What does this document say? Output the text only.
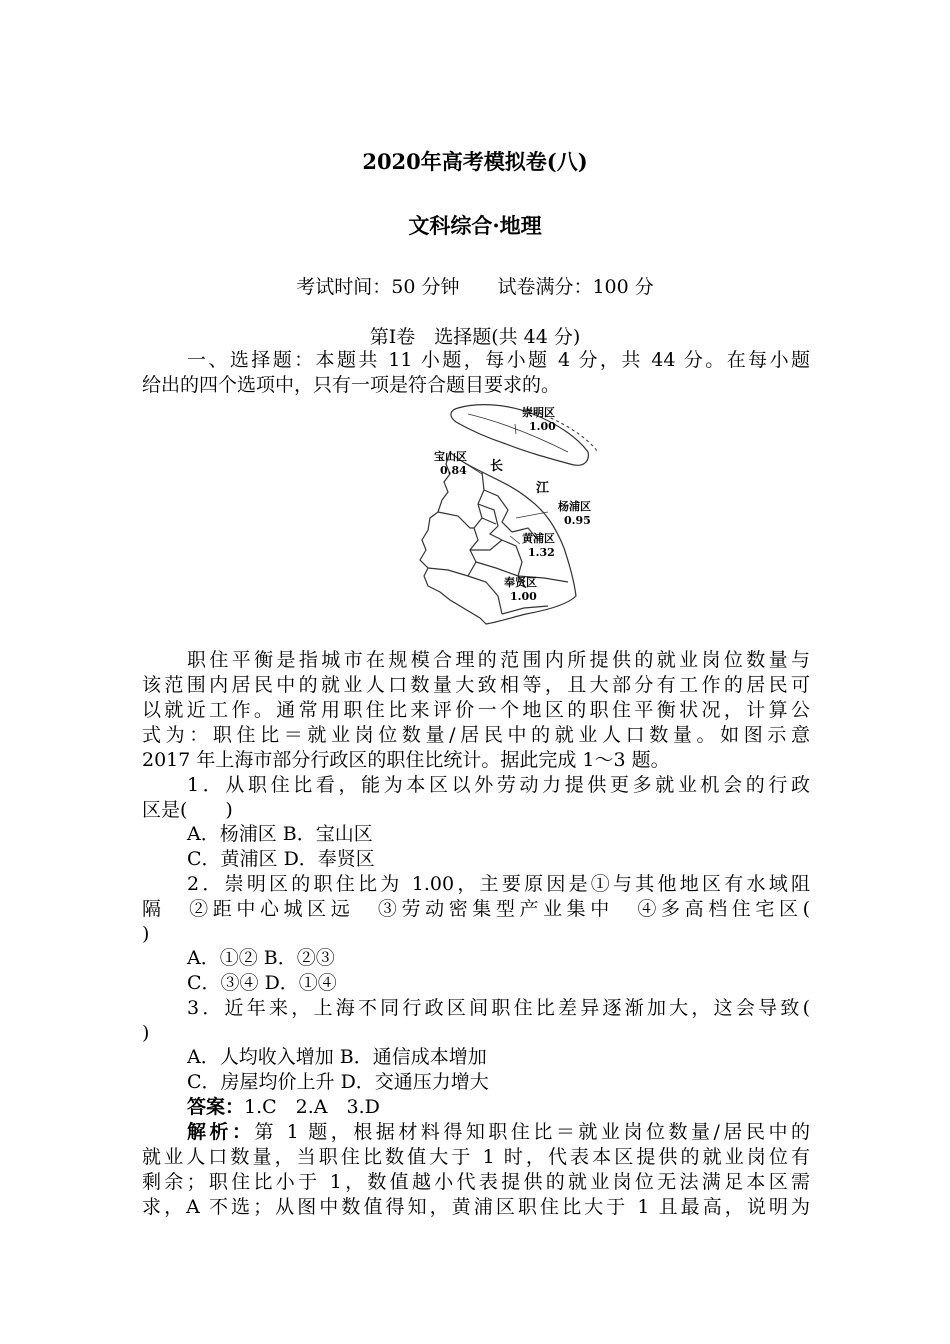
2020年高考模拟卷(八)
文科综合·地理
考试时间：50 分钟　　试卷满分：100 分
第Ⅰ卷　选择题(共 44 分)
一、选择题：本题共 11 小题，每小题 4 分，共 44 分。在每小题
给出的四个选项中，只有一项是符合题目要求的。
崇明区
1.00
宝山区
0.84 长
江
杨浦区
0.95
黄浦区
1.32
奉贤区
1.00
职住平衡是指城市在规模合理的范围内所提供的就业岗位数量与
该范围内居民中的就业人口数量大致相等，且大部分有工作的居民可
以就近工作。通常用职住比来评价一个地区的职住平衡状况，计算公
式为：职住比＝就业岗位数量/居民中的就业人口数量。如图示意
2017 年上海市部分行政区的职住比统计。据此完成 1～3 题。
1．从职住比看，能为本区以外劳动力提供更多就业机会的行政
区是(　　)
A．杨浦区 B．宝山区
C．黄浦区 D．奉贤区
2．崇明区的职住比为 1.00，主要原因是①与其他地区有水域阻
隔　②距中心城区远　③劳动密集型产业集中　④多高档住宅区(
)
A．①② B．②③
C．③④ D．①④
3．近年来，上海不同行政区间职住比差异逐渐加大，这会导致(
)
A．人均收入增加 B．通信成本增加
C．房屋均价上升 D．交通压力增大
答案：1.C　2.A　3.D
解析：第 1 题，根据材料得知职住比＝就业岗位数量/居民中的
就业人口数量，当职住比数值大于 1 时，代表本区提供的就业岗位有
剩余；职住比小于 1，数值越小代表提供的就业岗位无法满足本区需
求，A 不选；从图中数值得知，黄浦区职住比大于 1 且最高，说明为
